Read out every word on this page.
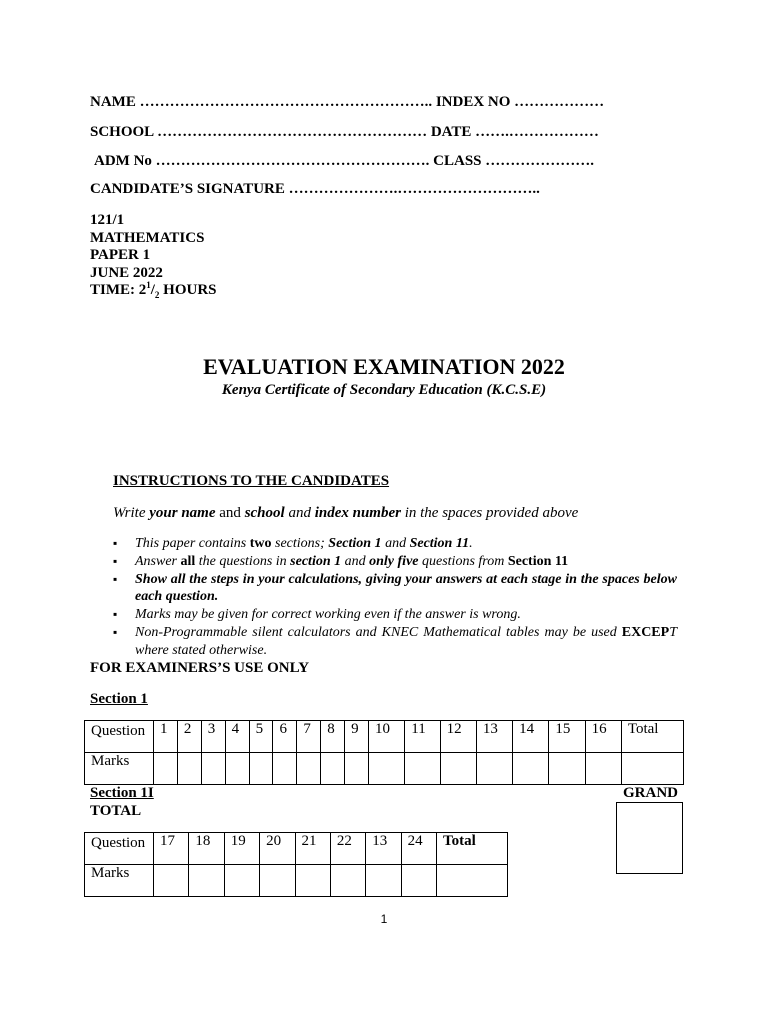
NAME ………………………………………………….. INDEX NO ………………
SCHOOL ……………………………………………… DATE …….………………
ADM No ………………………………………………. CLASS ………………….
CANDIDATE’S SIGNATURE ………………….………………………..
121/1
MATHEMATICS
PAPER 1
JUNE 2022
TIME: $2^1/_2$ HOURS
EVALUATION EXAMINATION 2022
Kenya Certificate of Secondary Education (K.C.S.E)
INSTRUCTIONS TO THE CANDIDATES
Write your name and school and index number in the spaces provided above
▪ This paper contains two sections; Section 1 and Section 11.
▪ Answer all the questions in section 1 and only five questions from Section 11
▪ Show all the steps in your calculations, giving your answers at each stage in the spaces below each question.
▪ Marks may be given for correct working even if the answer is wrong.
▪ Non-Programmable silent calculators and KNEC Mathematical tables may be used EXCEPT where stated otherwise.
FOR EXAMINERS’S USE ONLY
Section 1
Question	1	2	3	4	5	6	7	8	9	10	11	12	13	14	15	16	Total
Marks																	
Section 1I
TOTAL
GRAND
Question	17	18	19	20	21	22	13	24	Total
Marks									
1
